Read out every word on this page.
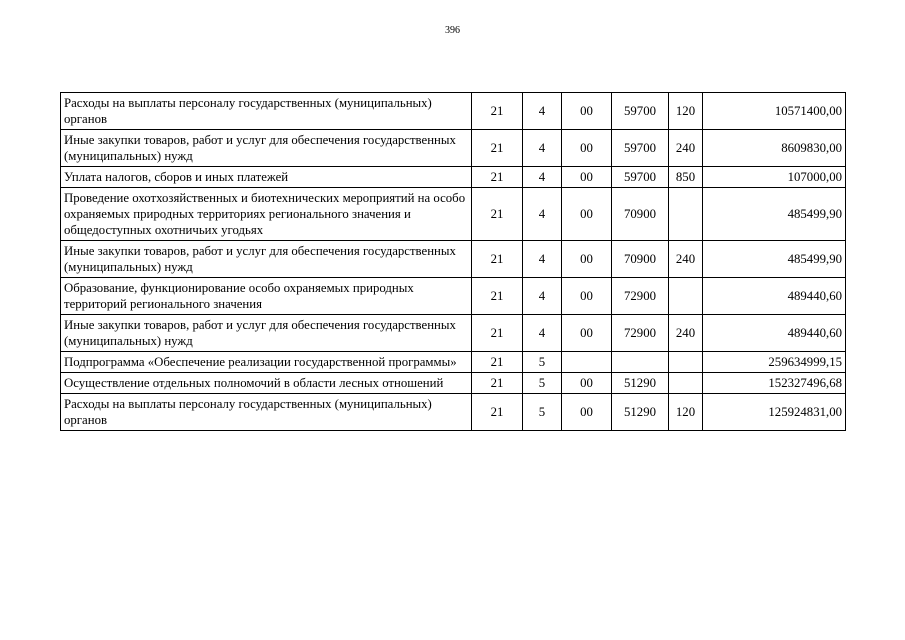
396
Расходы на выплаты персоналу государственных (муниципальных) органов	21	4	00	59700	120	10571400,00
Иные закупки товаров, работ и услуг для обеспечения государственных (муниципальных) нужд	21	4	00	59700	240	8609830,00
Уплата налогов, сборов и иных платежей	21	4	00	59700	850	107000,00
Проведение охотхозяйственных и биотехнических мероприятий на особо охраняемых природных территориях регионального значения и общедоступных охотничьих угодьях	21	4	00	70900		485499,90
Иные закупки товаров, работ и услуг для обеспечения государственных (муниципальных) нужд	21	4	00	70900	240	485499,90
Образование, функционирование особо охраняемых природных территорий регионального значения	21	4	00	72900		489440,60
Иные закупки товаров, работ и услуг для обеспечения государственных (муниципальных) нужд	21	4	00	72900	240	489440,60
Подпрограмма «Обеспечение реализации государственной программы»	21	5				259634999,15
Осуществление отдельных полномочий в области лесных отношений	21	5	00	51290		152327496,68
Расходы на выплаты персоналу государственных (муниципальных) органов	21	5	00	51290	120	125924831,00
